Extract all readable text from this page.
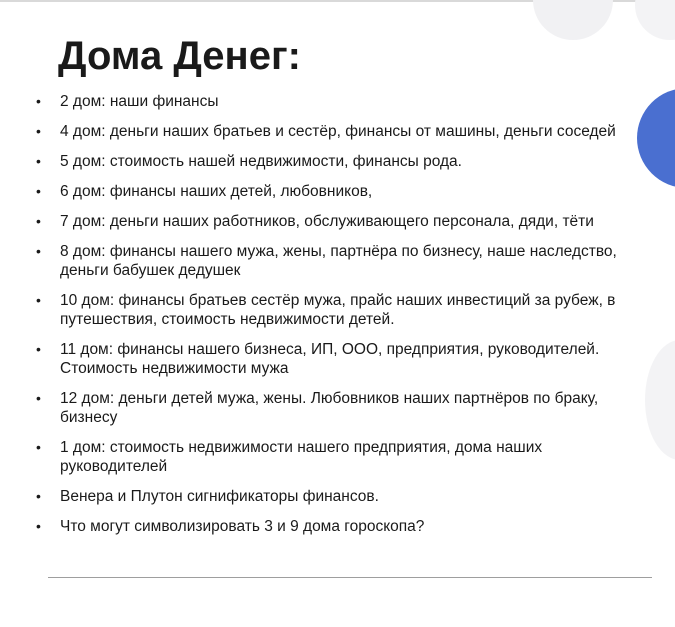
Дома Денег:
•	2 дом: наши финансы
•	4 дом: деньги наших братьев и сестёр, финансы от машины, деньги соседей
•	5 дом: стоимость нашей недвижимости, финансы рода.
•	6 дом: финансы наших детей, любовников,
•	7 дом: деньги наших работников, обслуживающего персонала, дяди, тёти
•	8 дом: финансы нашего мужа, жены, партнёра по бизнесу, наше наследство, деньги бабушек дедушек
•	10 дом: финансы братьев сестёр мужа, прайс наших инвестиций за рубеж, в путешествия, стоимость недвижимости детей.
•	11 дом: финансы нашего бизнеса, ИП, ООО, предприятия, руководителей. Стоимость недвижимости мужа
•	12 дом: деньги детей мужа, жены. Любовников наших партнёров по браку, бизнесу
•	1 дом: стоимость недвижимости нашего предприятия, дома наших руководителей
•	Венера и Плутон сигнификаторы финансов.
•	Что могут символизировать 3 и 9 дома гороскопа?
